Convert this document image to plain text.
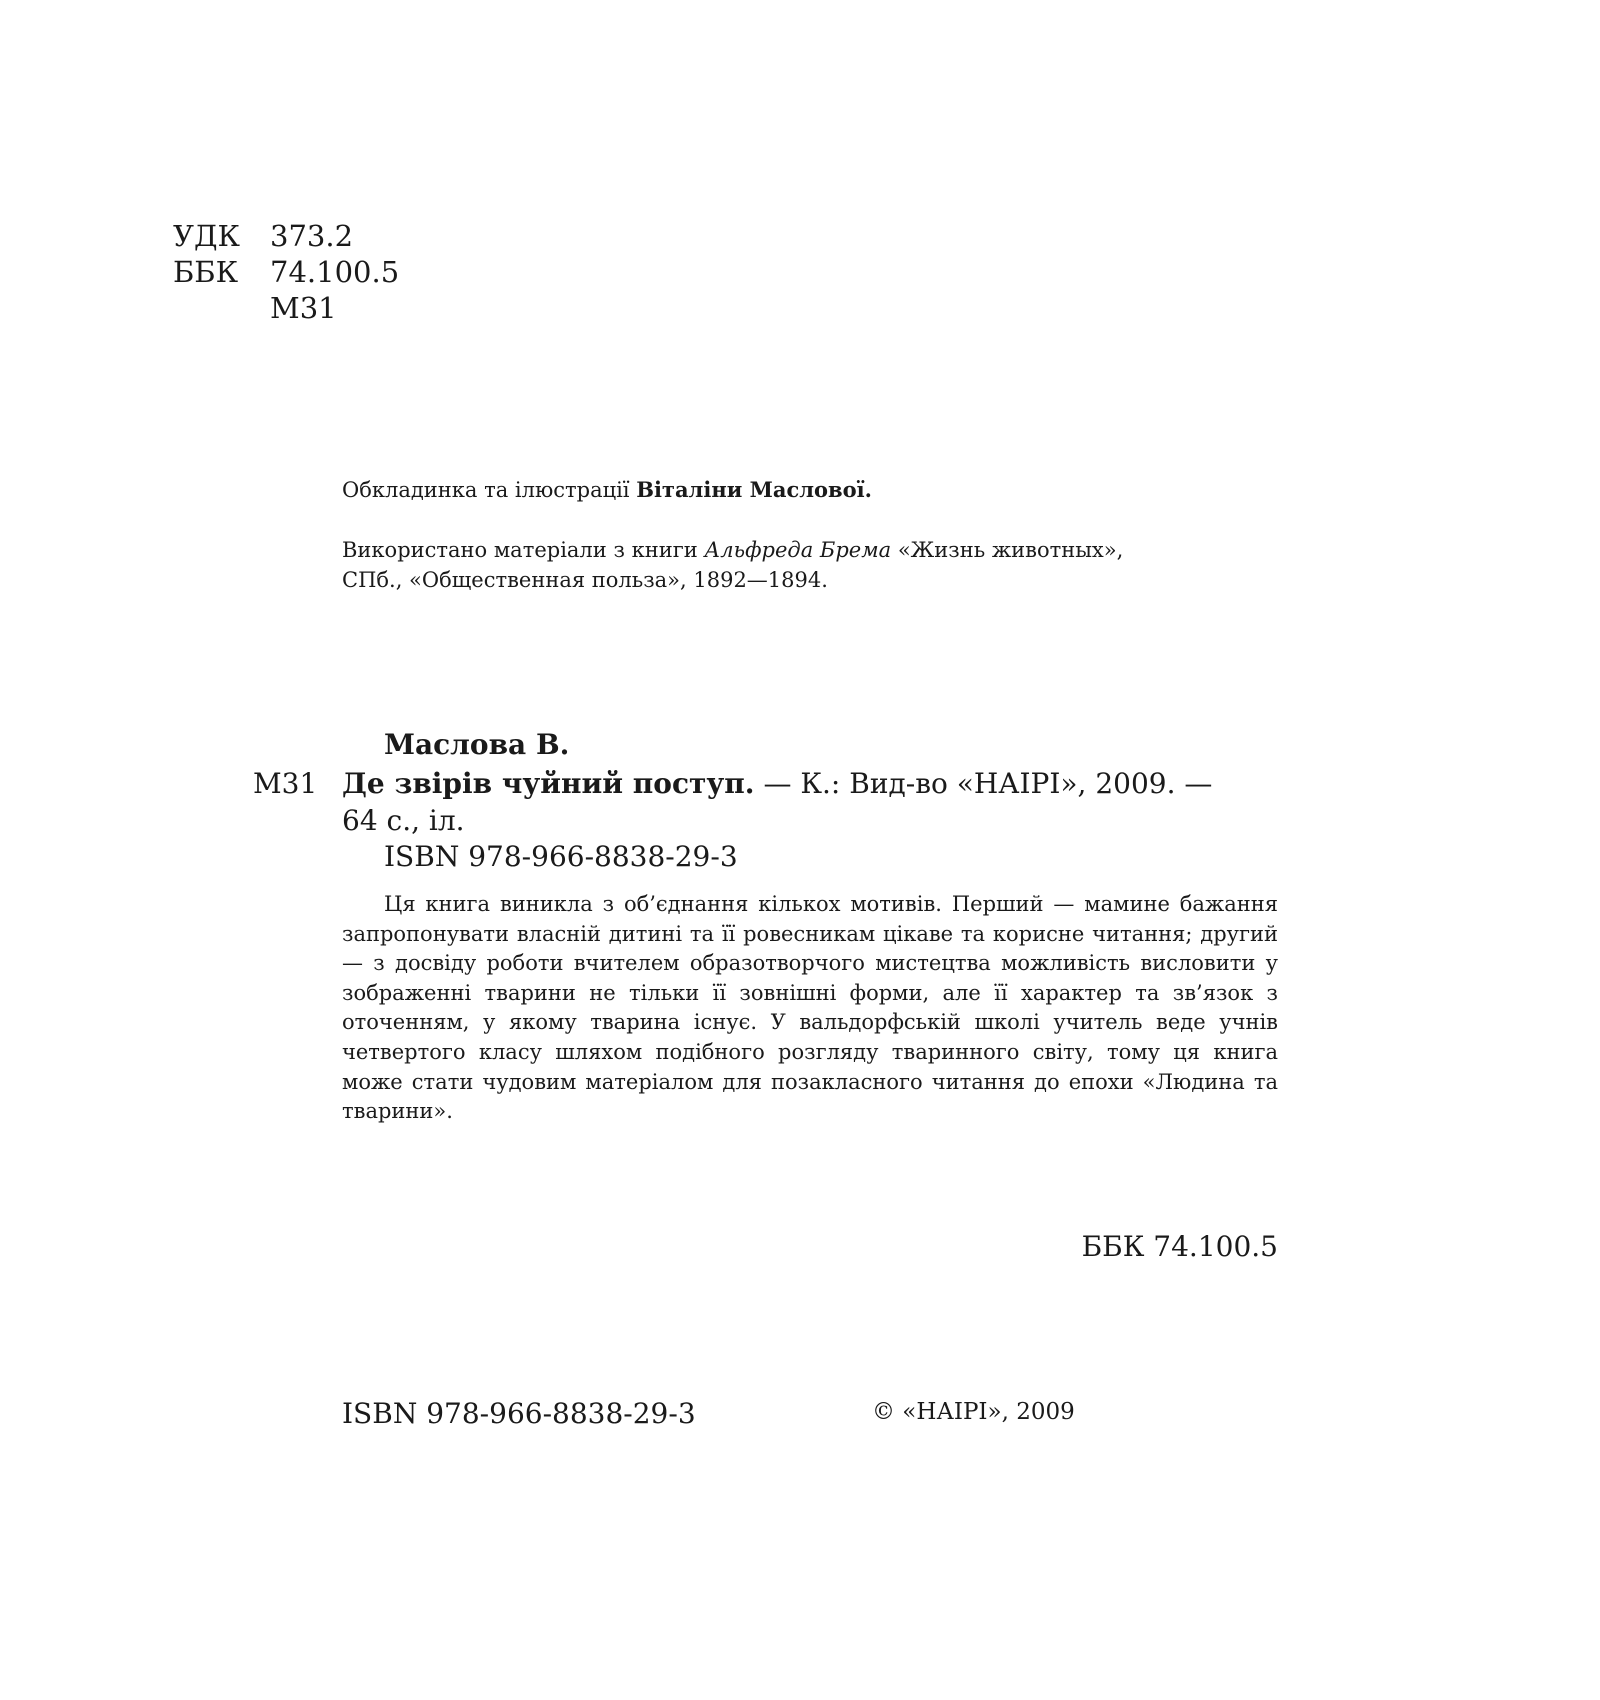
УДК 373.2
ББК 74.100.5
М31
Обкладинка та ілюстрації Віталіни Маслової.
Використано матеріали з книги Альфреда Брема «Жизнь животных»,
СПб., «Общественная польза», 1892—1894.
Маслова В.
М31 Де звірів чуйний поступ. — К.: Вид-во «НАІРІ», 2009. —
64 с., іл.
ISBN 978-966-8838-29-3

Ця книга виникла з об’єднання кількох мотивів. Перший — мамине бажання запропонувати власній дитині та її ровесникам цікаве та корисне читання; другий — з досвіду роботи вчителем образотворчого мистецтва можливість висловити у зображенні тварини не тільки її зовнішні форми, але її характер та зв’язок з оточенням, у якому тварина існує. У вальдорфській школі учитель веде учнів четвертого класу шляхом подібного розгляду тваринного світу, тому ця книга може стати чудовим матеріалом для позакласного читання до епохи «Людина та тварини».

ББК 74.100.5
ISBN 978-966-8838-29-3	© «НАІРІ», 2009
